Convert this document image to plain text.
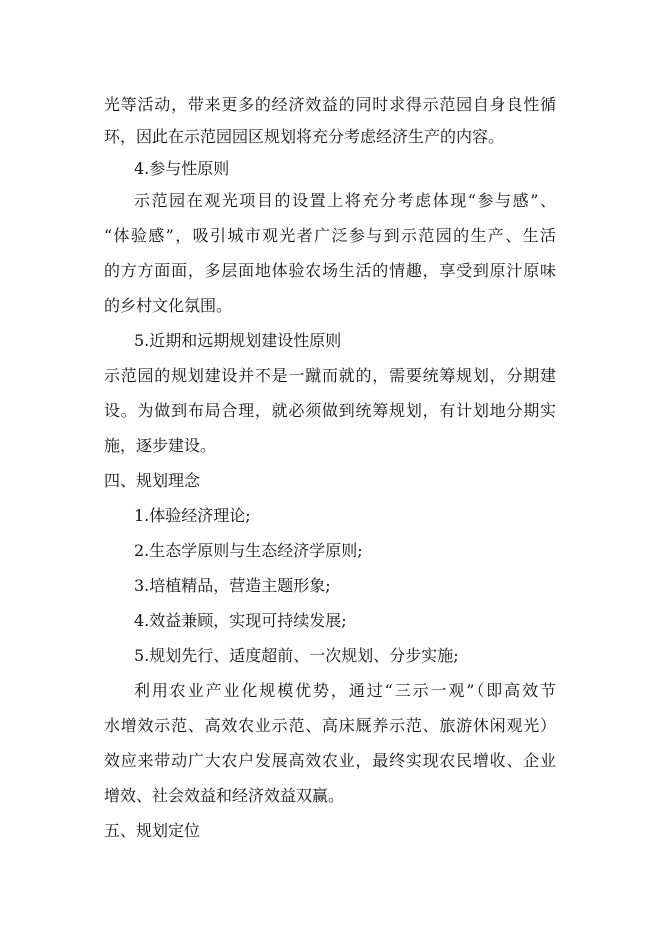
光等活动，带来更多的经济效益的同时求得示范园自身良性循

环，因此在示范园园区规划将充分考虑经济生产的内容。

4.参与性原则

示范园在观光项目的设置上将充分考虑体现“参与感”、

“体验感”，吸引城市观光者广泛参与到示范园的生产、生活

的方方面面，多层面地体验农场生活的情趣，享受到原汁原味

的乡村文化氛围。

5.近期和远期规划建设性原则

示范园的规划建设并不是一蹴而就的，需要统筹规划，分期建

设。为做到布局合理，就必须做到统筹规划，有计划地分期实

施，逐步建设。

四、规划理念

1.体验经济理论;

2.生态学原则与生态经济学原则;

3.培植精品，营造主题形象;

4.效益兼顾，实现可持续发展;

5.规划先行、适度超前、一次规划、分步实施;

利用农业产业化规模优势，通过“三示一观”（即高效节

水增效示范、高效农业示范、高床厩养示范、旅游休闲观光）

效应来带动广大农户发展高效农业，最终实现农民增收、企业

增效、社会效益和经济效益双赢。

五、规划定位
